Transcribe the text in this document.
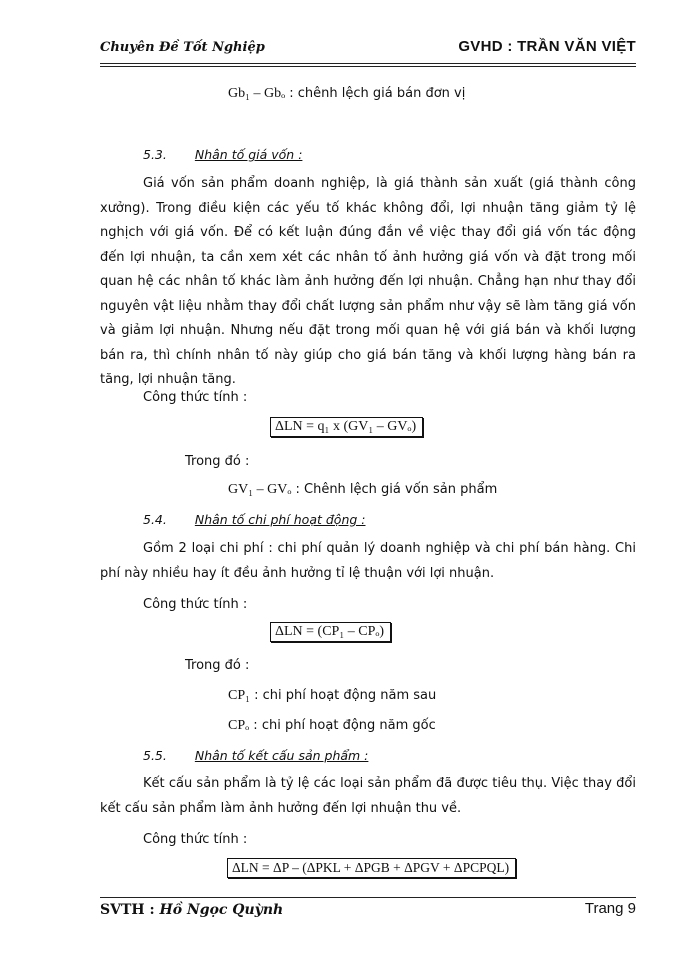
Chuyên Đề Tốt Nghiệp	GVHD : TRẦN VĂN VIỆT
Gb₁ – Gbₒ : chênh lệch giá bán đơn vị
5.3. Nhân tố giá vốn :
Giá vốn sản phẩm doanh nghiệp, là giá thành sản xuất (giá thành công xưởng). Trong điều kiện các yếu tố khác không đổi, lợi nhuận tăng giảm tỷ lệ nghịch với giá vốn. Để có kết luận đúng đắn về việc thay đổi giá vốn tác động đến lợi nhuận, ta cần xem xét các nhân tố ảnh hưởng giá vốn và đặt trong mối quan hệ các nhân tố khác làm ảnh hưởng đến lợi nhuận. Chẳng hạn như thay đổi nguyên vật liệu nhằm thay đổi chất lượng sản phẩm như vậy sẽ làm tăng giá vốn và giảm lợi nhuận. Nhưng nếu đặt trong mối quan hệ với giá bán và khối lượng bán ra, thì chính nhân tố này giúp cho giá bán tăng và khối lượng hàng bán ra tăng, lợi nhuận tăng.
Công thức tính :
ΔLN = q₁ x (GV₁ – GVₒ)
Trong đó :
GV₁ – GVₒ : Chênh lệch giá vốn sản phẩm
5.4. Nhân tố chi phí hoạt động :
Gồm 2 loại chi phí : chi phí quản lý doanh nghiệp và chi phí bán hàng. Chi phí này nhiều hay ít đều ảnh hưởng tỉ lệ thuận với lợi nhuận.
Công thức tính :
ΔLN = (CP₁ – CPₒ)
Trong đó :
CP₁ : chi phí hoạt động năm sau
CPₒ : chi phí hoạt động năm gốc
5.5. Nhân tố kết cấu sản phẩm :
Kết cấu sản phẩm là tỷ lệ các loại sản phẩm đã được tiêu thụ. Việc thay đổi kết cấu sản phẩm làm ảnh hưởng đến lợi nhuận thu về.
Công thức tính :
ΔLN = ΔP – (ΔPKL + ΔPGB + ΔPGV + ΔPCPQL)
SVTH : Hồ Ngọc Quỳnh	Trang 9
